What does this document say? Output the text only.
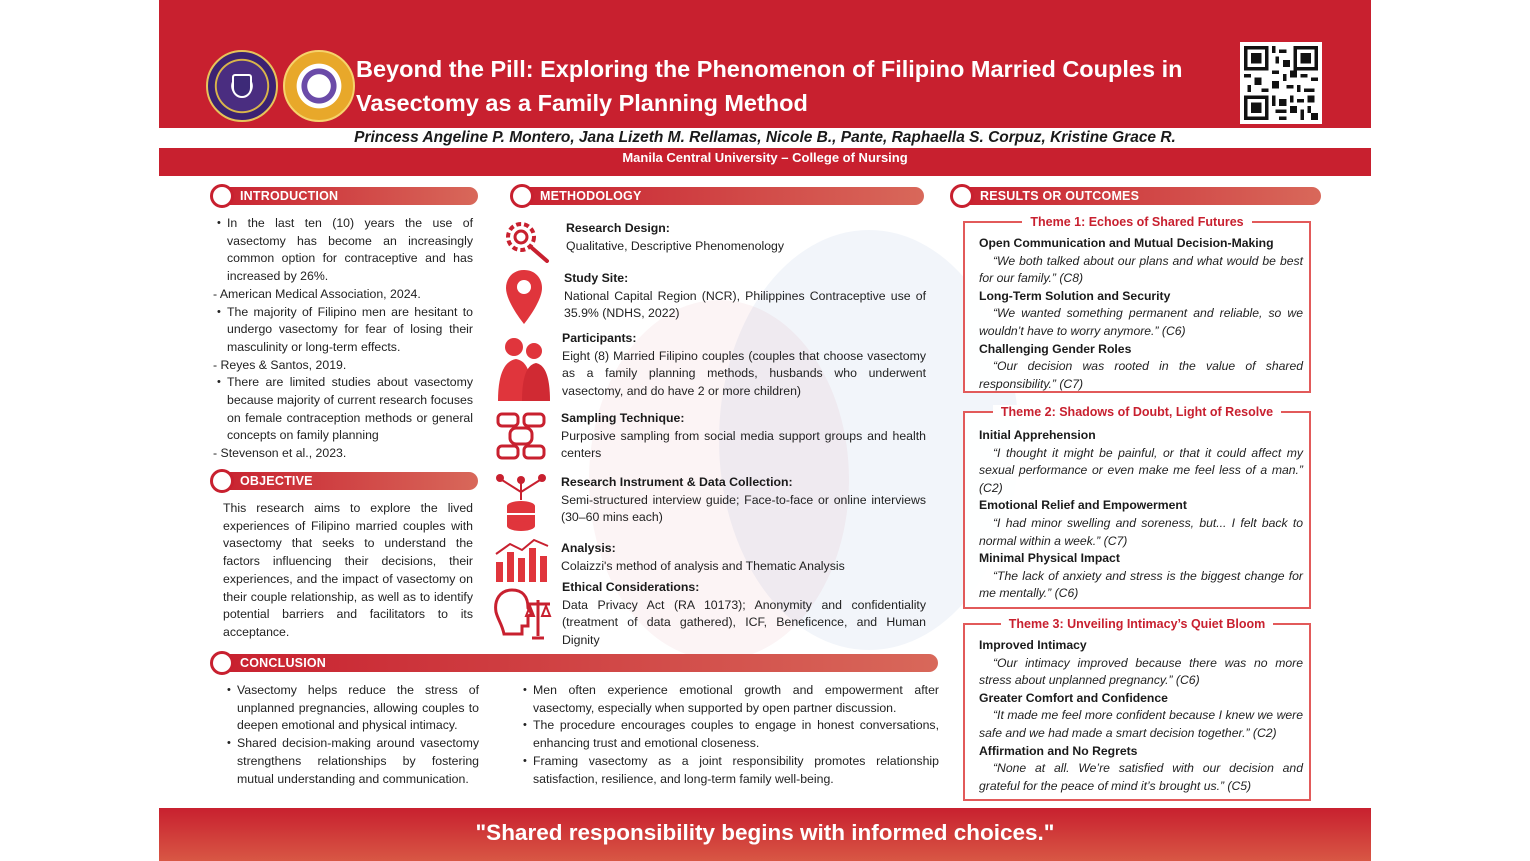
Beyond the Pill: Exploring the Phenomenon of Filipino Married Couples in Vasectomy as a Family Planning Method
Princess Angeline P. Montero, Jana Lizeth M. Rellamas, Nicole B., Pante, Raphaella S. Corpuz, Kristine Grace R.
Manila Central University – College of Nursing
INTRODUCTION
• In the last ten (10) years the use of vasectomy has become an increasingly common option for contraceptive and has increased by 26%.
- American Medical Association, 2024.
• The majority of Filipino men are hesitant to undergo vasectomy for fear of losing their masculinity or long-term effects.
- Reyes & Santos, 2019.
• There are limited studies about vasectomy because majority of current research focuses on female contraception methods or general concepts on family planning
- Stevenson et al., 2023.
OBJECTIVE
This research aims to explore the lived experiences of Filipino married couples with vasectomy that seeks to understand the factors influencing their decisions, their experiences, and the impact of vasectomy on their couple relationship, as well as to identify potential barriers and facilitators to its acceptance.
METHODOLOGY
Research Design:
Qualitative, Descriptive Phenomenology
Study Site:
National Capital Region (NCR), Philippines Contraceptive use of 35.9% (NDHS, 2022)
Participants:
Eight (8) Married Filipino couples (couples that choose vasectomy as a family planning methods, husbands who underwent vasectomy, and do have 2 or more children)
Sampling Technique:
Purposive sampling from social media support groups and health centers
Research Instrument & Data Collection:
Semi-structured interview guide; Face-to-face or online interviews (30–60 mins each)
Analysis:
Colaizzi's method of analysis and Thematic Analysis
Ethical Considerations:
Data Privacy Act (RA 10173); Anonymity and confidentiality (treatment of data gathered), ICF, Beneficence, and Human Dignity
RESULTS OR OUTCOMES
Theme 1: Echoes of Shared Futures
Open Communication and Mutual Decision-Making
“We both talked about our plans and what would be best for our family.” (C8)
Long-Term Solution and Security
“We wanted something permanent and reliable, so we wouldn’t have to worry anymore.” (C6)
Challenging Gender Roles
“Our decision was rooted in the value of shared responsibility.” (C7)
Theme 2: Shadows of Doubt, Light of Resolve
Initial Apprehension
“I thought it might be painful, or that it could affect my sexual performance or even make me feel less of a man.” (C2)
Emotional Relief and Empowerment
“I had minor swelling and soreness, but... I felt back to normal within a week.” (C7)
Minimal Physical Impact
“The lack of anxiety and stress is the biggest change for me mentally.” (C6)
Theme 3: Unveiling Intimacy’s Quiet Bloom
Improved Intimacy
“Our intimacy improved because there was no more stress about unplanned pregnancy.” (C6)
Greater Comfort and Confidence
“It made me feel more confident because I knew we were safe and we had made a smart decision together.” (C2)
Affirmation and No Regrets
“None at all. We’re satisfied with our decision and grateful for the peace of mind it’s brought us.” (C5)
CONCLUSION
• Vasectomy helps reduce the stress of unplanned pregnancies, allowing couples to deepen emotional and physical intimacy.
• Shared decision-making around vasectomy strengthens relationships by fostering mutual understanding and communication.
• Men often experience emotional growth and empowerment after vasectomy, especially when supported by open partner discussion.
• The procedure encourages couples to engage in honest conversations, enhancing trust and emotional closeness.
• Framing vasectomy as a joint responsibility promotes relationship satisfaction, resilience, and long-term family well-being.
"Shared responsibility begins with informed choices."
